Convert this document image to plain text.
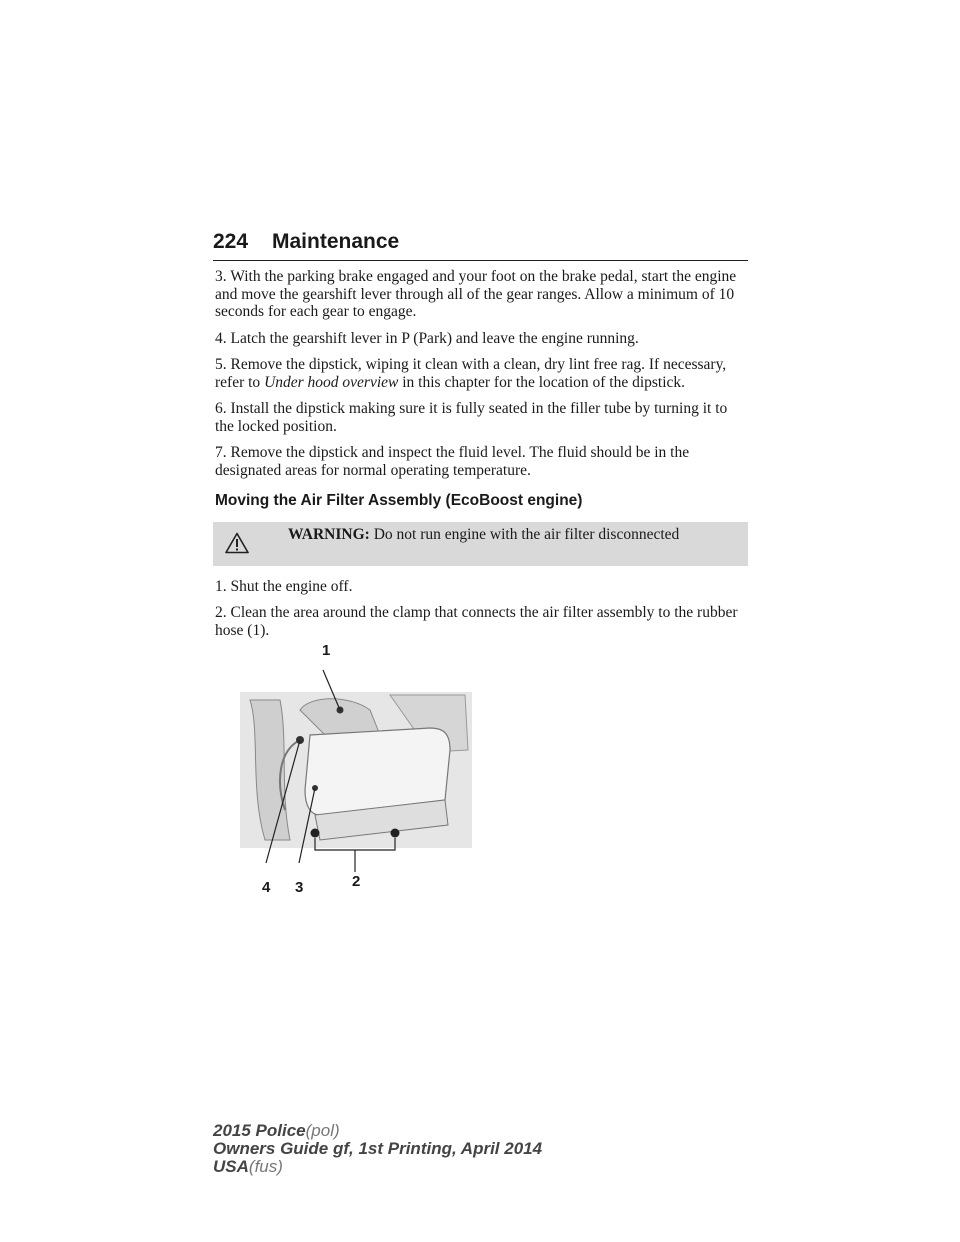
224 Maintenance

3. With the parking brake engaged and your foot on the brake pedal, start the engine and move the gearshift lever through all of the gear ranges. Allow a minimum of 10 seconds for each gear to engage.

4. Latch the gearshift lever in P (Park) and leave the engine running.

5. Remove the dipstick, wiping it clean with a clean, dry lint free rag. If necessary, refer to Under hood overview in this chapter for the location of the dipstick.

6. Install the dipstick making sure it is fully seated in the filler tube by turning it to the locked position.

7. Remove the dipstick and inspect the fluid level. The fluid should be in the designated areas for normal operating temperature.

Moving the Air Filter Assembly (EcoBoost engine)
WARNING: Do not run engine with the air filter disconnected

1. Shut the engine off.

2. Clean the area around the clamp that connects the air filter assembly to the rubber hose (1).

1
4 3	2
2015 Police(pol)
Owners Guide gf, 1st Printing, April 2014
USA(fus)
